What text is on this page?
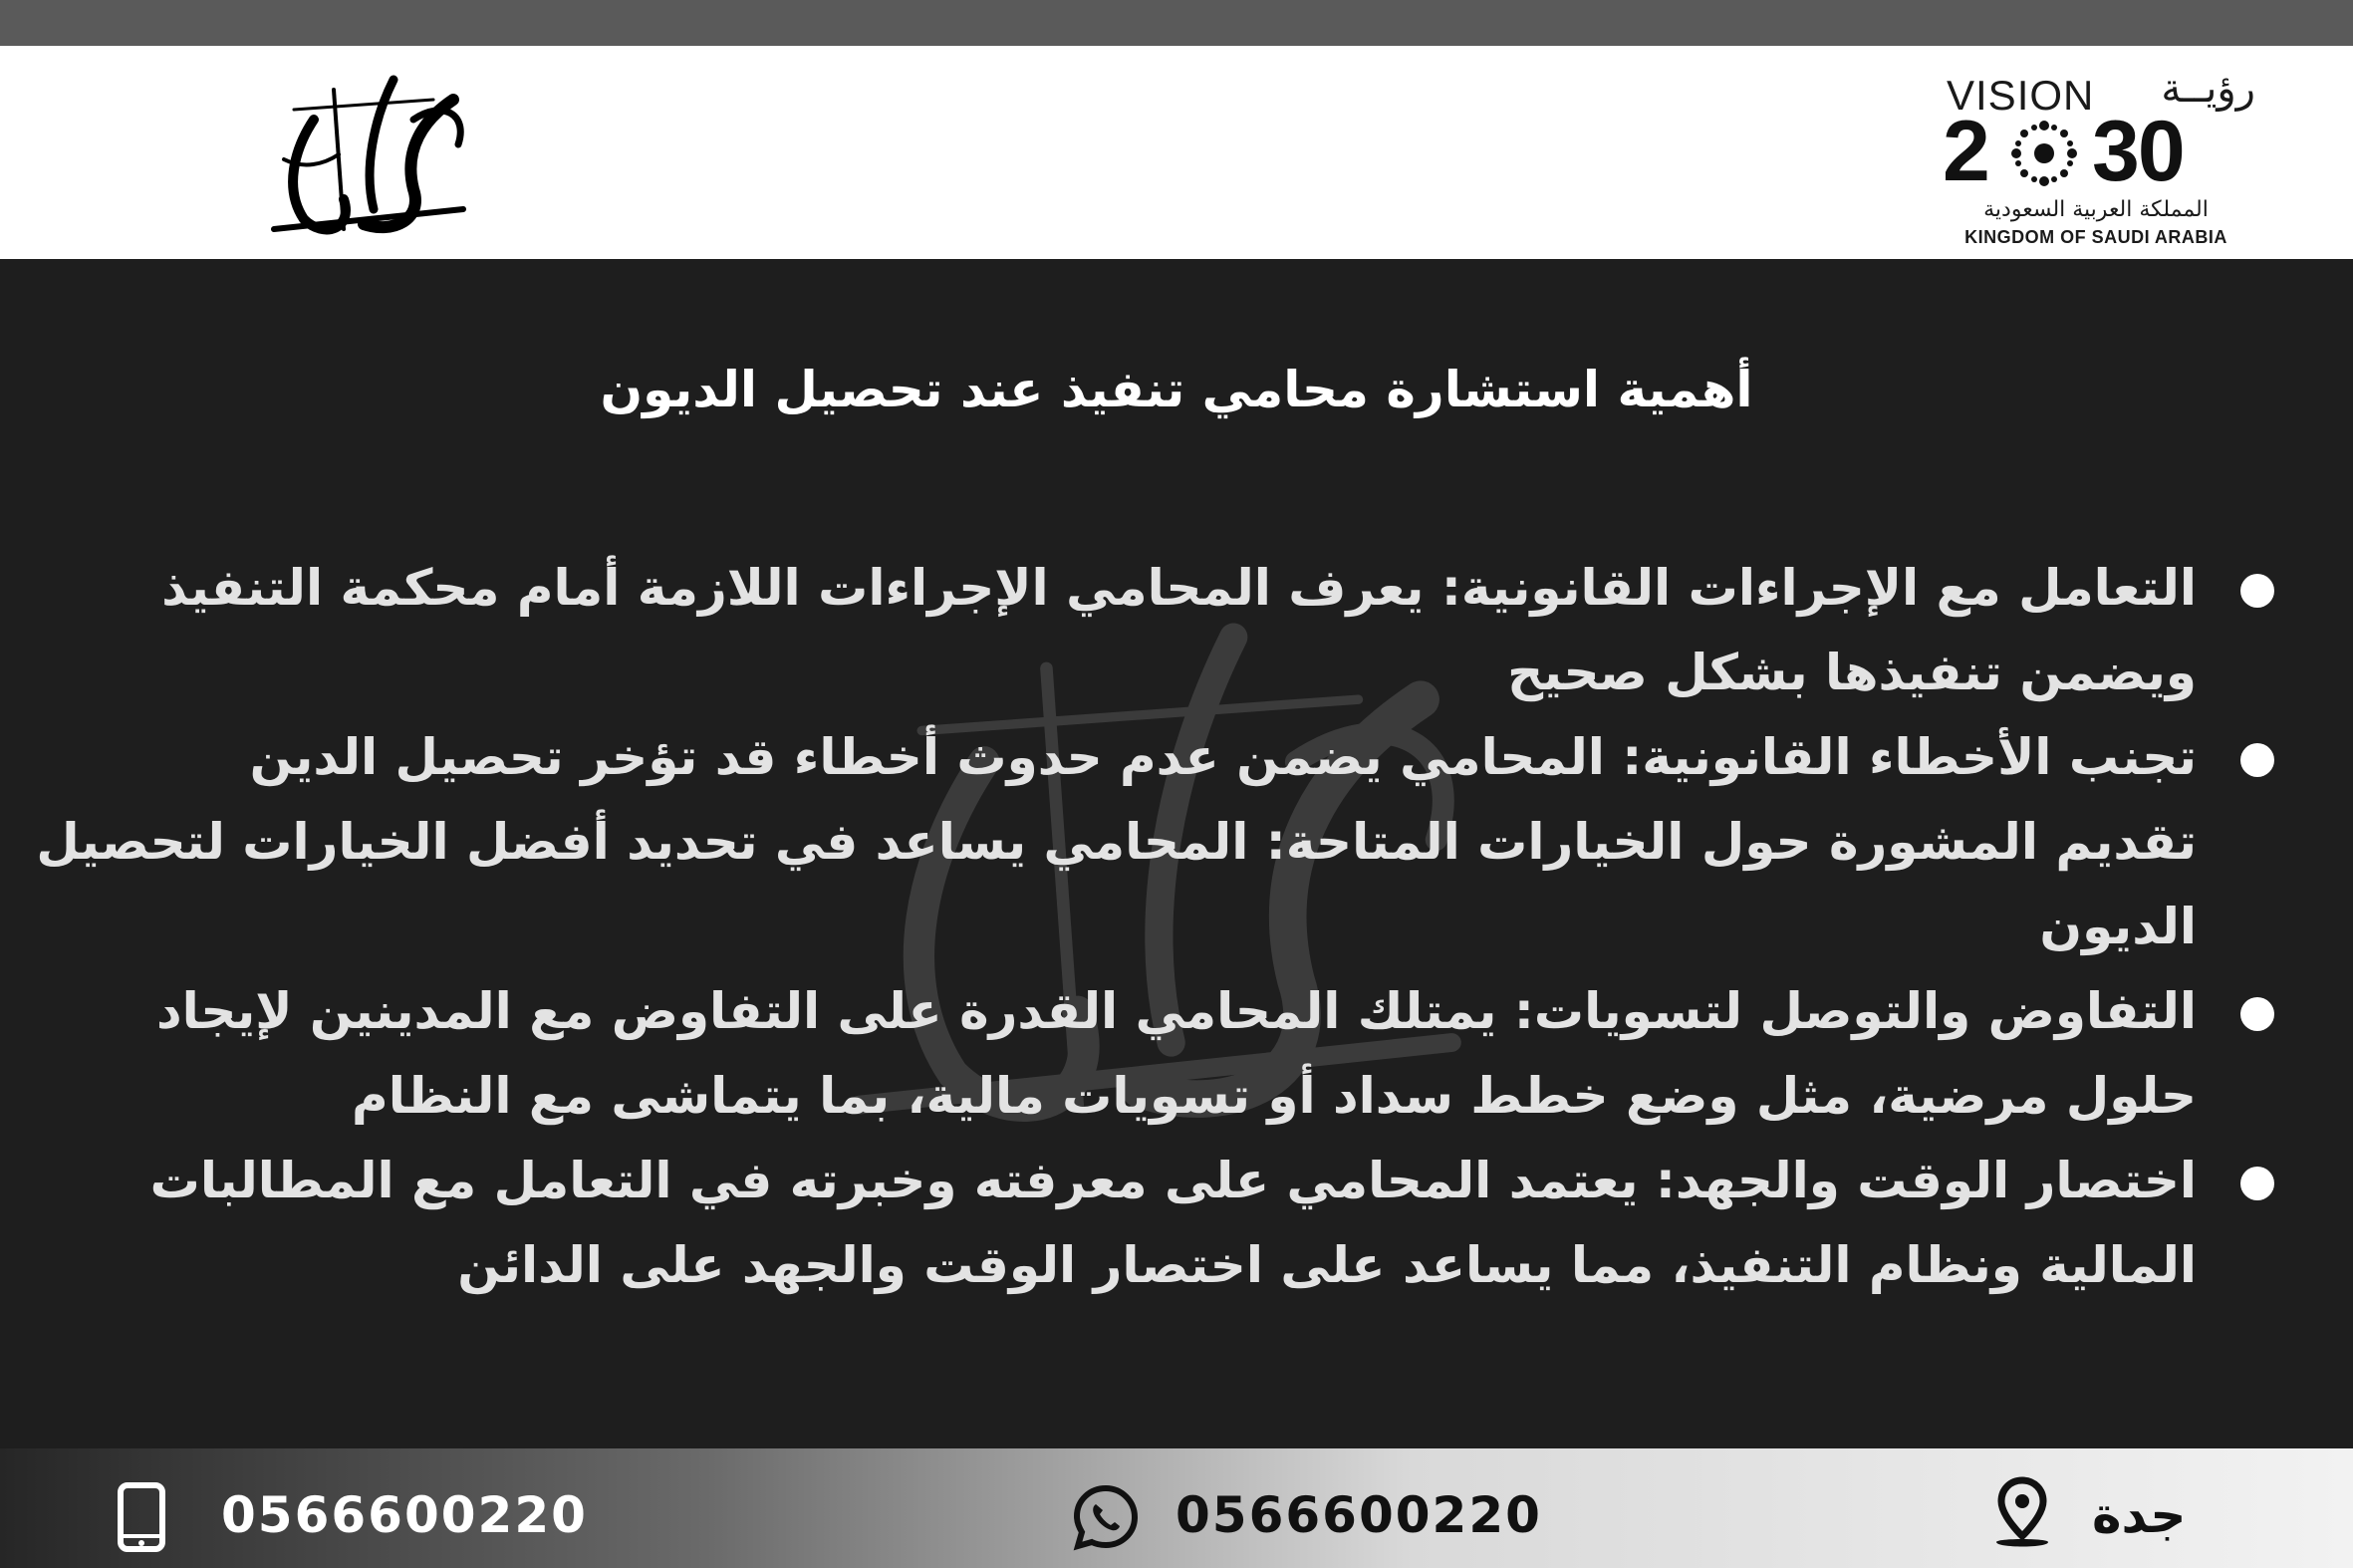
VISION رؤيــة
2 30
المملكة العربية السعودية
KINGDOM OF SAUDI ARABIA
أهمية استشارة محامي تنفيذ عند تحصيل الديون
التعامل مع الإجراءات القانونية: يعرف المحامي الإجراءات اللازمة أمام محكمة التنفيذ ويضمن تنفيذها بشكل صحيح
تجنب الأخطاء القانونية: المحامي يضمن عدم حدوث أخطاء قد تؤخر تحصيل الدين
تقديم المشورة حول الخيارات المتاحة: المحامي يساعد في تحديد أفضل الخيارات لتحصيل الديون
التفاوض والتوصل لتسويات: يمتلك المحامي القدرة على التفاوض مع المدينين لإيجاد حلول مرضية، مثل وضع خطط سداد أو تسويات مالية، بما يتماشى مع النظام
اختصار الوقت والجهد: يعتمد المحامي على معرفته وخبرته في التعامل مع المطالبات المالية ونظام التنفيذ، مما يساعد على اختصار الوقت والجهد على الدائن
0566600220	0566600220	جدة
